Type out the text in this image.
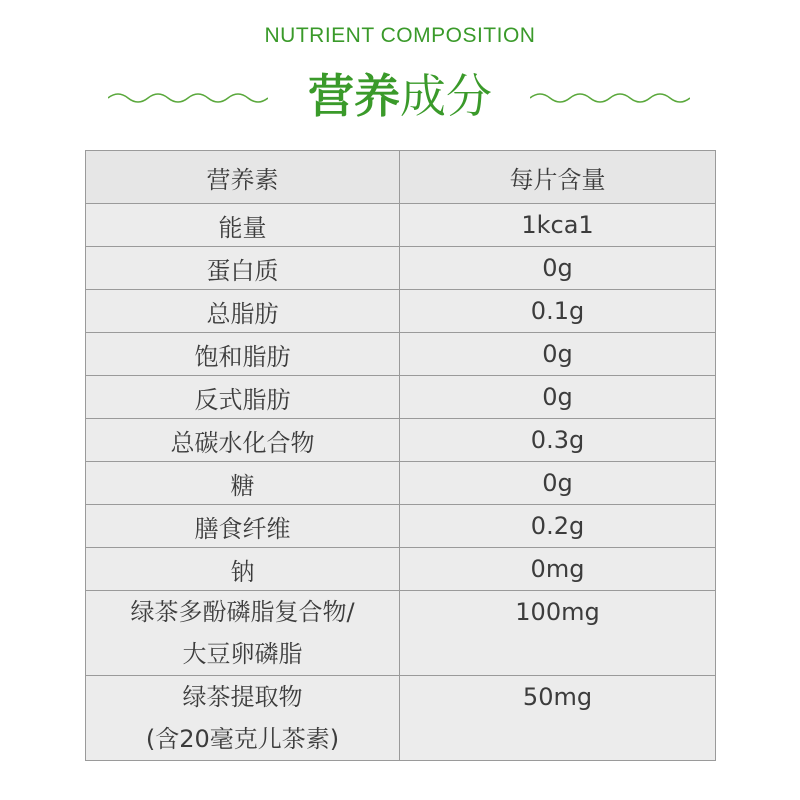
NUTRIENT COMPOSITION
营养成分
营养素	每片含量
能量	1kca1
蛋白质	0g
总脂肪	0.1g
饱和脂肪	0g
反式脂肪	0g
总碳水化合物	0.3g
糖	0g
膳食纤维	0.2g
钠	0mg

绿茶多酚磷脂复合物/
大豆卵磷脂	100mg

绿茶提取物
(含20毫克儿茶素)	50mg
